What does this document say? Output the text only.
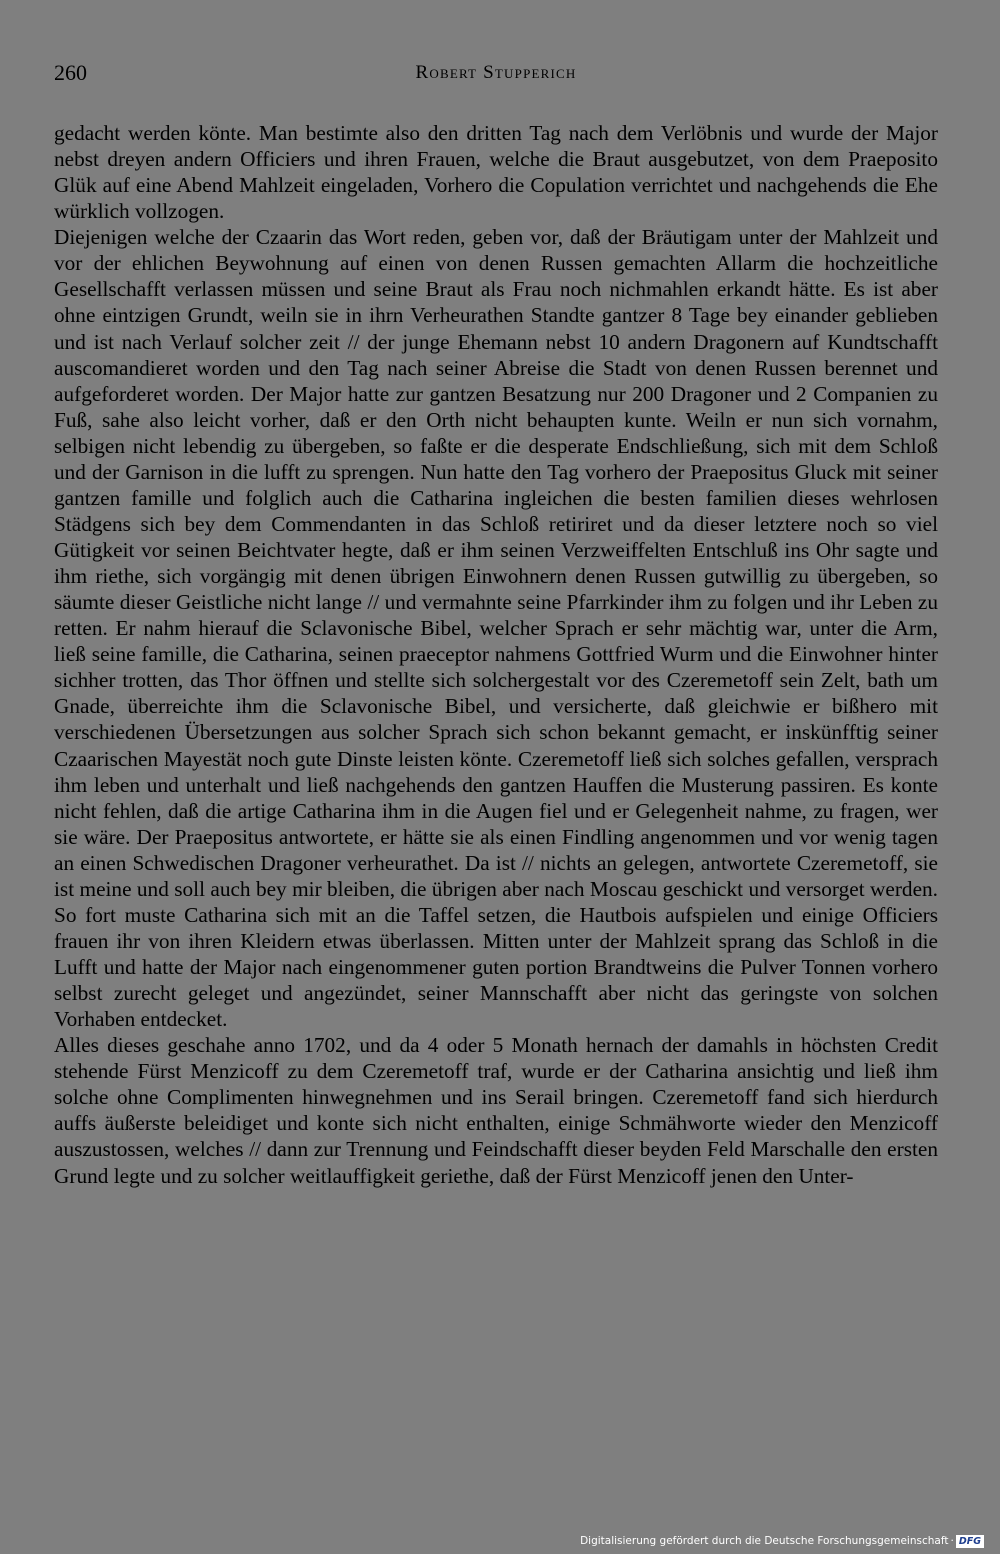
260	Robert Stupperich

gedacht werden könte. Man bestimte also den dritten Tag nach dem Verlöbnis und wurde der Major nebst dreyen andern Officiers und ihren Frauen, welche die Braut ausgebutzet, von dem Praeposito Glük auf eine Abend Mahlzeit eingeladen, Vorhero die Copulation verrichtet und nachgehends die Ehe würklich vollzogen.

Diejenigen welche der Czaarin das Wort reden, geben vor, daß der Bräutigam unter der Mahlzeit und vor der ehlichen Beywohnung auf einen von denen Russen gemachten Allarm die hochzeitliche Gesellschafft verlassen müssen und seine Braut als Frau noch nichmahlen erkandt hätte. Es ist aber ohne eintzigen Grundt, weiln sie in ihrn Verheurathen Standte gantzer 8 Tage bey einander geblieben und ist nach Verlauf solcher zeit // der junge Ehemann nebst 10 andern Dragonern auf Kundtschafft auscomandieret worden und den Tag nach seiner Abreise die Stadt von denen Russen berennet und aufgeforderet worden. Der Major hatte zur gantzen Besatzung nur 200 Dragoner und 2 Companien zu Fuß, sahe also leicht vorher, daß er den Orth nicht behaupten kunte. Weiln er nun sich vornahm, selbigen nicht lebendig zu übergeben, so faßte er die desperate Endschließung, sich mit dem Schloß und der Garnison in die lufft zu sprengen. Nun hatte den Tag vorhero der Praepositus Gluck mit seiner gantzen famille und folglich auch die Catharina ingleichen die besten familien dieses wehrlosen Städgens sich bey dem Commendanten in das Schloß retiriret und da dieser letztere noch so viel Gütigkeit vor seinen Beichtvater hegte, daß er ihm seinen Verzweiffelten Entschluß ins Ohr sagte und ihm riethe, sich vorgängig mit denen übrigen Einwohnern denen Russen gutwillig zu übergeben, so säumte dieser Geistliche nicht lange // und vermahnte seine Pfarrkinder ihm zu folgen und ihr Leben zu retten. Er nahm hierauf die Sclavonische Bibel, welcher Sprach er sehr mächtig war, unter die Arm, ließ seine famille, die Catharina, seinen praeceptor nahmens Gottfried Wurm und die Einwohner hinter sichher trotten, das Thor öffnen und stellte sich solchergestalt vor des Czeremetoff sein Zelt, bath um Gnade, überreichte ihm die Sclavonische Bibel, und versicherte, daß gleichwie er bißhero mit verschiedenen Übersetzungen aus solcher Sprach sich schon bekannt gemacht, er inskünfftig seiner Czaarischen Mayestät noch gute Dinste leisten könte. Czeremetoff ließ sich solches gefallen, versprach ihm leben und unterhalt und ließ nachgehends den gantzen Hauffen die Musterung passiren. Es konte nicht fehlen, daß die artige Catharina ihm in die Augen fiel und er Gelegenheit nahme, zu fragen, wer sie wäre. Der Praepositus antwortete, er hätte sie als einen Findling angenommen und vor wenig tagen an einen Schwedischen Dragoner verheurathet. Da ist // nichts an gelegen, antwortete Czeremetoff, sie ist meine und soll auch bey mir bleiben, die übrigen aber nach Moscau geschickt und versorget werden. So fort muste Catharina sich mit an die Taffel setzen, die Hautbois aufspielen und einige Officiers frauen ihr von ihren Kleidern etwas überlassen. Mitten unter der Mahlzeit sprang das Schloß in die Lufft und hatte der Major nach eingenommener guten portion Brandtweins die Pulver Tonnen vorhero selbst zurecht geleget und angezündet, seiner Mannschafft aber nicht das geringste von solchen Vorhaben entdecket.

Alles dieses geschahe anno 1702, und da 4 oder 5 Monath hernach der damahls in höchsten Credit stehende Fürst Menzicoff zu dem Czeremetoff traf, wurde er der Catharina ansichtig und ließ ihm solche ohne Complimenten hinwegnehmen und ins Serail bringen. Czeremetoff fand sich hierdurch auffs äußerste beleidiget und konte sich nicht enthalten, einige Schmähworte wieder den Menzicoff auszustossen, welches // dann zur Trennung und Feindschafft dieser beyden Feld Marschalle den ersten Grund legte und zu solcher weitlauffigkeit geriethe, daß der Fürst Menzicoff jenen den Unter-

Digitalisierung gefördert durch die Deutsche Forschungsgemeinschaft · DFG
